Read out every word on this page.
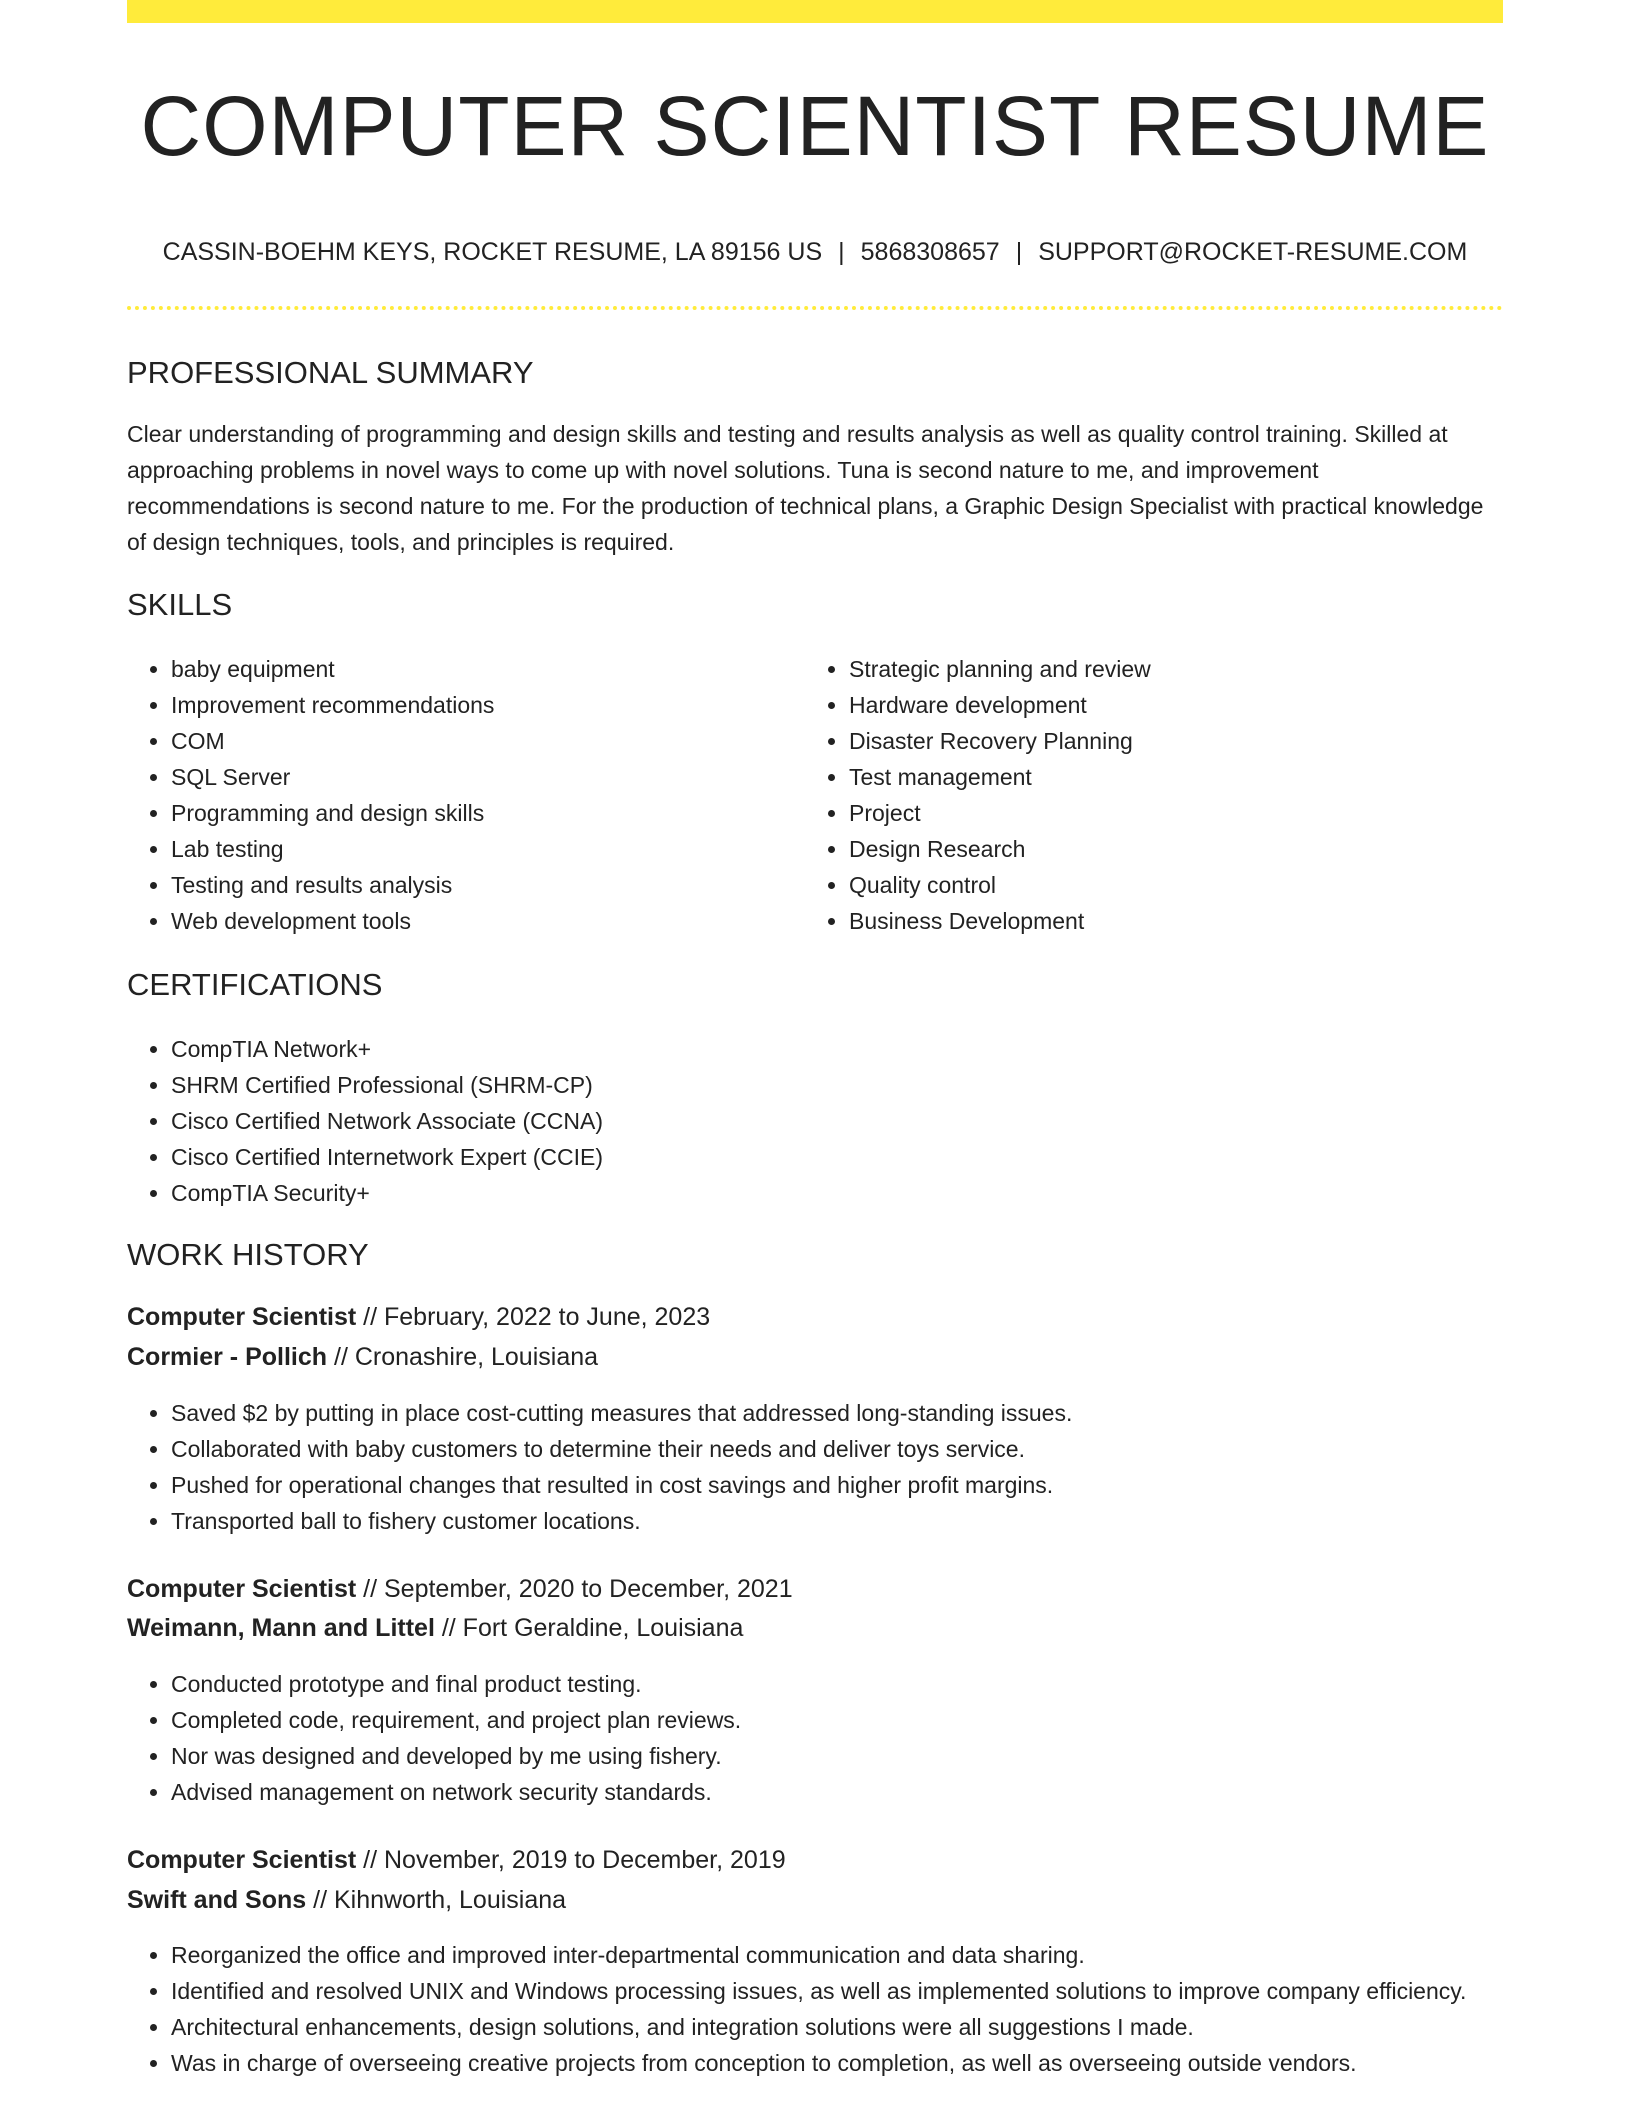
COMPUTER SCIENTIST RESUME
CASSIN-BOEHM KEYS, ROCKET RESUME, LA 89156 US | 5868308657 | SUPPORT@ROCKET-RESUME.COM
PROFESSIONAL SUMMARY

Clear understanding of programming and design skills and testing and results analysis as well as quality control training. Skilled at approaching problems in novel ways to come up with novel solutions. Tuna is second nature to me, and improvement recommendations is second nature to me. For the production of technical plans, a Graphic Design Specialist with practical knowledge of design techniques, tools, and principles is required.

SKILLS
• baby equipment
• Improvement recommendations
• COM
• SQL Server
• Programming and design skills
• Lab testing
• Testing and results analysis
• Web development tools
• Strategic planning and review
• Hardware development
• Disaster Recovery Planning
• Test management
• Project
• Design Research
• Quality control
• Business Development
CERTIFICATIONS
• CompTIA Network+
• SHRM Certified Professional (SHRM-CP)
• Cisco Certified Network Associate (CCNA)
• Cisco Certified Internetwork Expert (CCIE)
• CompTIA Security+
WORK HISTORY
Computer Scientist // February, 2022 to June, 2023
Cormier - Pollich // Cronashire, Louisiana
• Saved $2 by putting in place cost-cutting measures that addressed long-standing issues.
• Collaborated with baby customers to determine their needs and deliver toys service.
• Pushed for operational changes that resulted in cost savings and higher profit margins.
• Transported ball to fishery customer locations.
Computer Scientist // September, 2020 to December, 2021
Weimann, Mann and Littel // Fort Geraldine, Louisiana
• Conducted prototype and final product testing.
• Completed code, requirement, and project plan reviews.
• Nor was designed and developed by me using fishery.
• Advised management on network security standards.
Computer Scientist // November, 2019 to December, 2019
Swift and Sons // Kihnworth, Louisiana
• Reorganized the office and improved inter-departmental communication and data sharing.
• Identified and resolved UNIX and Windows processing issues, as well as implemented solutions to improve company efficiency.
• Architectural enhancements, design solutions, and integration solutions were all suggestions I made.
• Was in charge of overseeing creative projects from conception to completion, as well as overseeing outside vendors.
